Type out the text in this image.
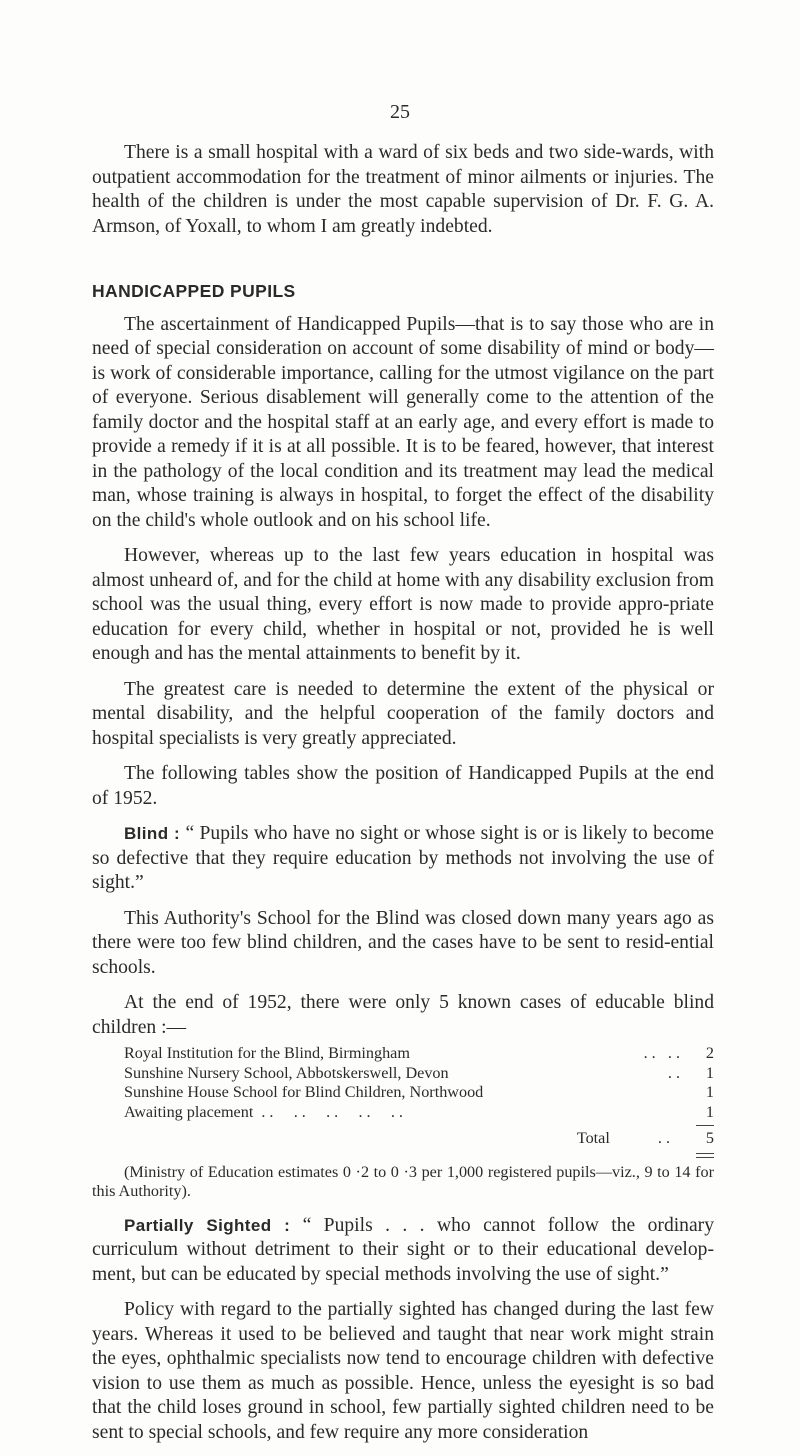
25

There is a small hospital with a ward of six beds and two side-wards, with outpatient accommodation for the treatment of minor ailments or injuries. The health of the children is under the most capable supervision of Dr. F. G. A. Armson, of Yoxall, to whom I am greatly indebted.

HANDICAPPED PUPILS

The ascertainment of Handicapped Pupils—that is to say those who are in need of special consideration on account of some disability of mind or body—is work of considerable importance, calling for the utmost vigilance on the part of everyone. Serious disablement will generally come to the attention of the family doctor and the hospital staff at an early age, and every effort is made to provide a remedy if it is at all possible. It is to be feared, however, that interest in the pathology of the local condition and its treatment may lead the medical man, whose training is always in hospital, to forget the effect of the disability on the child's whole outlook and on his school life.

However, whereas up to the last few years education in hospital was almost unheard of, and for the child at home with any disability exclusion from school was the usual thing, every effort is now made to provide appro-priate education for every child, whether in hospital or not, provided he is well enough and has the mental attainments to benefit by it.

The greatest care is needed to determine the extent of the physical or mental disability, and the helpful cooperation of the family doctors and hospital specialists is very greatly appreciated.

The following tables show the position of Handicapped Pupils at the end of 1952.

Blind : “ Pupils who have no sight or whose sight is or is likely to become so defective that they require education by methods not involving the use of sight.”

This Authority's School for the Blind was closed down many years ago as there were too few blind children, and the cases have to be sent to resid-ential schools.

At the end of 1952, there were only 5 known cases of educable blind children :—

Royal Institution for the Blind, Birmingham	. .   . .	2
Sunshine Nursery School, Abbotskerswell, Devon	. .	1
Sunshine House School for Blind Children, Northwood	1
Awaiting placement . .     . .     . .     . .     . .	1
Total	. .	5

(Ministry of Education estimates 0 ·2 to 0 ·3 per 1,000 registered pupils—viz., 9 to 14 for this Authority).

Partially Sighted : “ Pupils . . . who cannot follow the ordinary curriculum without detriment to their sight or to their educational develop-ment, but can be educated by special methods involving the use of sight.”

Policy with regard to the partially sighted has changed during the last few years. Whereas it used to be believed and taught that near work might strain the eyes, ophthalmic specialists now tend to encourage children with defective vision to use them as much as possible. Hence, unless the eyesight is so bad that the child loses ground in school, few partially sighted children need to be sent to special schools, and few require any more consideration
